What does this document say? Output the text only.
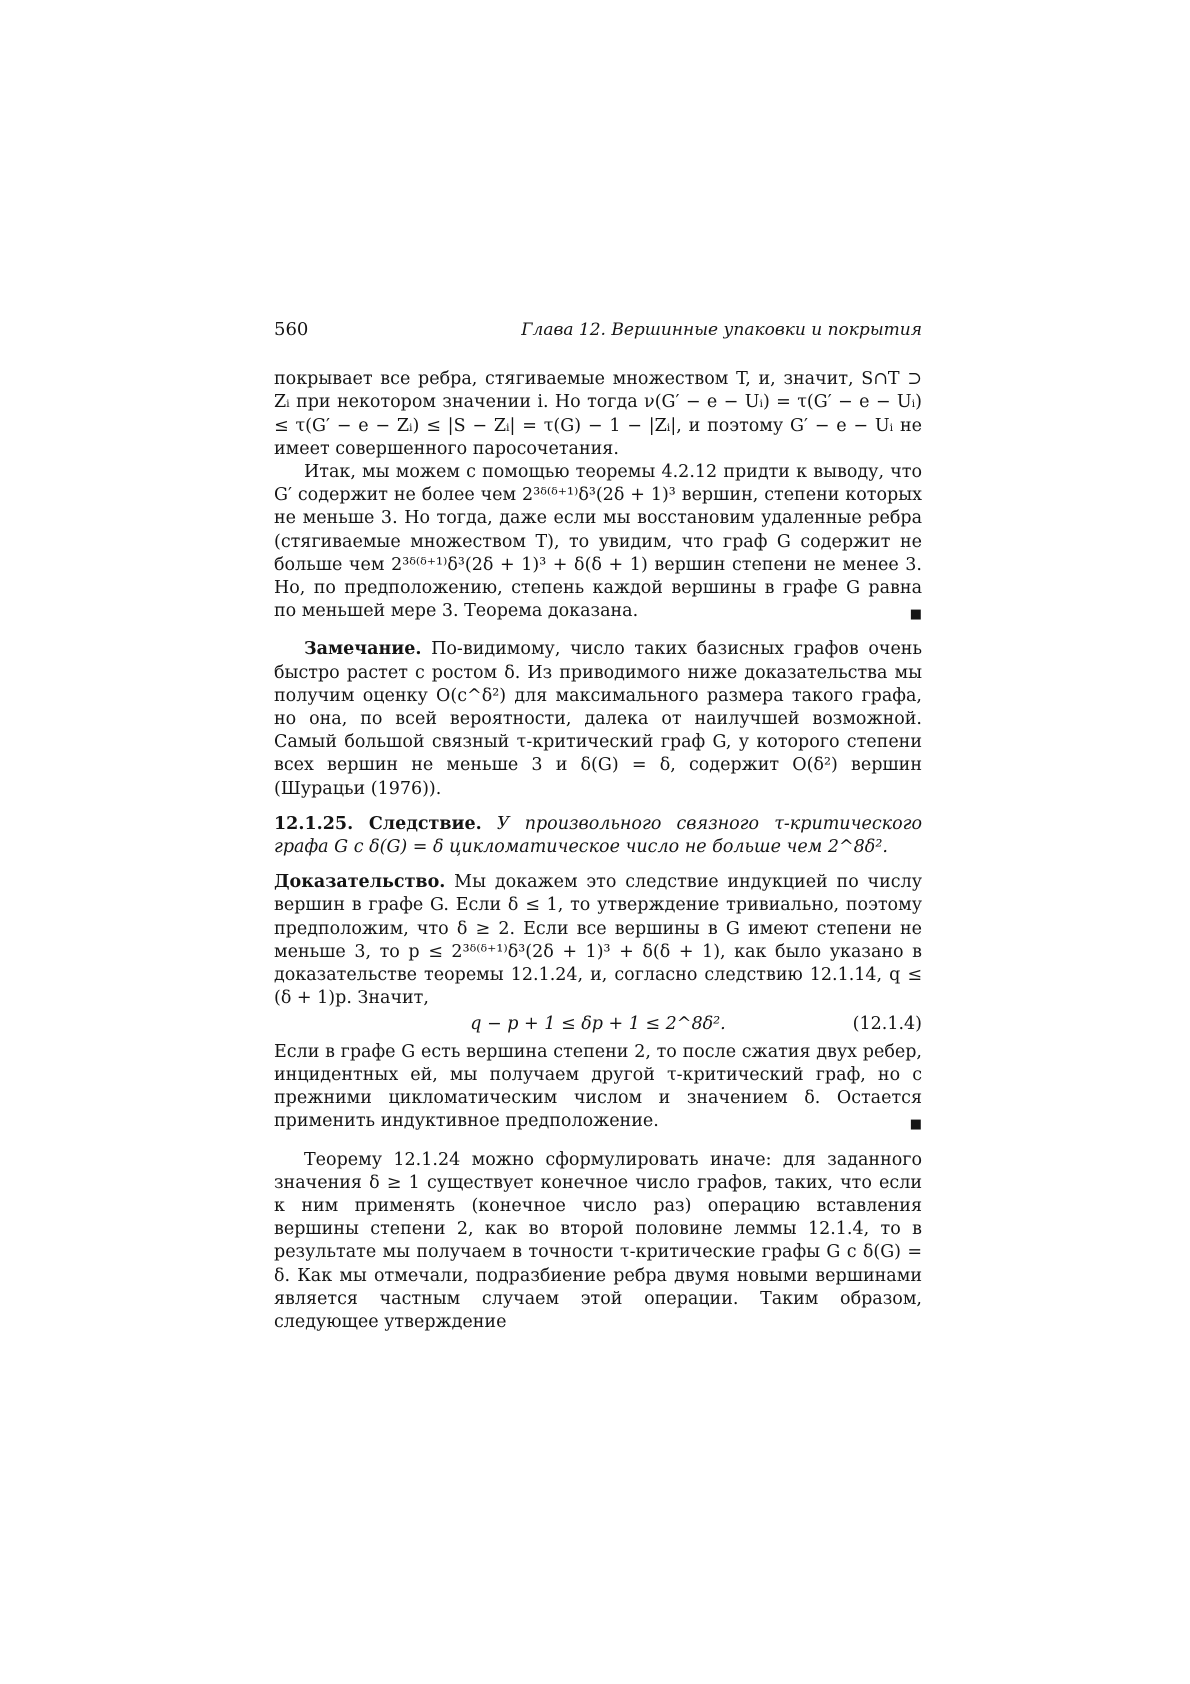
560	Глава 12. Вершинные упаковки и покрытия

покрывает все ребра, стягиваемые множеством T, и, значит, S∩T ⊃ Zᵢ при некотором значении i. Но тогда ν(G′ − e − Uᵢ) = τ(G′ − e − Uᵢ) ≤ τ(G′ − e − Zᵢ) ≤ |S − Zᵢ| = τ(G) − 1 − |Zᵢ|, и поэтому G′ − e − Uᵢ не имеет совершенного паросочетания.

Итак, мы можем с помощью теоремы 4.2.12 придти к выводу, что G′ содержит не более чем 2³ᵟ⁽ᵟ⁺¹⁾δ³(2δ + 1)³ вершин, степени которых не меньше 3. Но тогда, даже если мы восстановим удаленные ребра (стягиваемые множеством T), то увидим, что граф G содержит не больше чем 2³ᵟ⁽ᵟ⁺¹⁾δ³(2δ + 1)³ + δ(δ + 1) вершин степени не менее 3. Но, по предположению, степень каждой вершины в графе G равна по меньшей мере 3. Теорема доказана.	■

Замечание. По-видимому, число таких базисных графов очень быстро растет с ростом δ. Из приводимого ниже доказательства мы получим оценку O(c^δ²) для максимального размера такого графа, но она, по всей вероятности, далека от наилучшей возможной. Самый большой связный τ-критический граф G, у которого степени всех вершин не меньше 3 и δ(G) = δ, содержит O(δ²) вершин (Шурацьи (1976)).

12.1.25. Следствие. У произвольного связного τ-критического графа G с δ(G) = δ цикломатическое число не больше чем 2^8δ².

Доказательство. Мы докажем это следствие индукцией по числу вершин в графе G. Если δ ≤ 1, то утверждение тривиально, поэтому предположим, что δ ≥ 2. Если все вершины в G имеют степени не меньше 3, то p ≤ 2³ᵟ⁽ᵟ⁺¹⁾δ³(2δ + 1)³ + δ(δ + 1), как было указано в доказательстве теоремы 12.1.24, и, согласно следствию 12.1.14, q ≤ (δ + 1)p. Значит,

q − p + 1 ≤ δp + 1 ≤ 2^8δ².	(12.1.4)

Если в графе G есть вершина степени 2, то после сжатия двух ребер, инцидентных ей, мы получаем другой τ-критический граф, но с прежними цикломатическим числом и значением δ. Остается применить индуктивное предположение.	■

Теорему 12.1.24 можно сформулировать иначе: для заданного значения δ ≥ 1 существует конечное число графов, таких, что если к ним применять (конечное число раз) операцию вставления вершины степени 2, как во второй половине леммы 12.1.4, то в результате мы получаем в точности τ-критические графы G с δ(G) = δ. Как мы отмечали, подразбиение ребра двумя новыми вершинами является частным случаем этой операции. Таким образом, следующее утверждение
